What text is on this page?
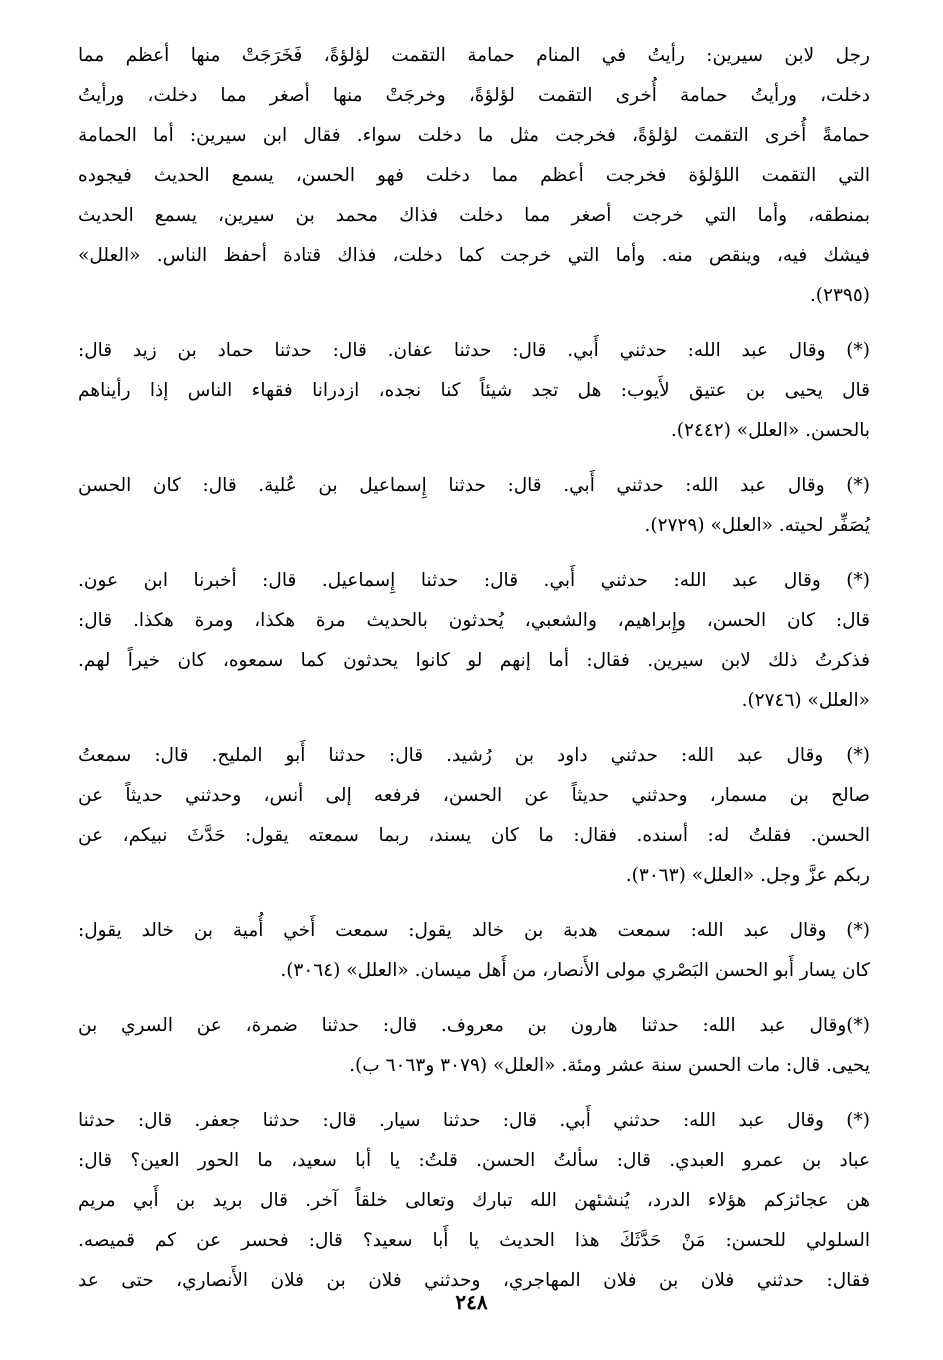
رجل لابن سيرين: رأيتُ في المنام حمامة التقمت لؤلؤةً، فَخَرَجَتْ منها أعظم مما
دخلت، ورأيتُ حمامة أُخرى التقمت لؤلؤةً، وخرجَتْ منها أصغر مما دخلت، ورأيتُ
حمامةً أُخرى التقمت لؤلؤةً، فخرجت مثل ما دخلت سواء. فقال ابن سيرين: أما الحمامة
التي التقمت اللؤلؤة فخرجت أعظم مما دخلت فهو الحسن، يسمع الحديث فيجوده
بمنطقه، وأما التي خرجت أصغر مما دخلت فذاك محمد بن سيرين، يسمع الحديث
فيشك فيه، وينقص منه. وأما التي خرجت كما دخلت، فذاك قتادة أحفظ الناس. «العلل»
(٢٣٩٥).
(*) وقال عبد الله: حدثني أَبي. قال: حدثنا عفان. قال: حدثنا حماد بن زيد قال:
قال يحيى بن عتيق لأَيوب: هل تجد شيئاً كنا نجده، ازدرانا فقهاء الناس إذا رأيناهم
بالحسن. «العلل» (٢٤٤٢).
(*) وقال عبد الله: حدثني أَبي. قال: حدثنا إِسماعيل بن عُلية. قال: كان الحسن
يُصَفِّر لحيته. «العلل» (٢٧٢٩).
(*) وقال عبد الله: حدثني أَبي. قال: حدثنا إِسماعيل. قال: أخبرنا ابن عون.
قال: كان الحسن، وإِبراهيم، والشعبي، يُحدثون بالحديث مرة هكذا، ومرة هكذا. قال:
فذكرتُ ذلك لابن سيرين. فقال: أما إنهم لو كانوا يحدثون كما سمعوه، كان خيراً لهم.
«العلل» (٢٧٤٦).
(*) وقال عبد الله: حدثني داود بن رُشيد. قال: حدثنا أَبو المليح. قال: سمعتُ
صالح بن مسمار، وحدثني حديثاً عن الحسن، فرفعه إلى أنس، وحدثني حديثاً عن
الحسن. فقلتُ له: أسنده. فقال: ما كان يسند، ربما سمعته يقول: حَدَّثَ نبيكم، عن
ربكم عزَّ وجل. «العلل» (٣٠٦٣).
(*) وقال عبد الله: سمعت هدبة بن خالد يقول: سمعت أَخي أُمية بن خالد يقول:
كان يسار أَبو الحسن البَصْري مولى الأَنصار، من أَهل ميسان. «العلل» (٣٠٦٤).
(*)وقال عبد الله: حدثنا هارون بن معروف. قال: حدثنا ضمرة، عن السري بن
يحيى. قال: مات الحسن سنة عشر ومئة. «العلل» (٣٠٧٩ و٦٠٦٣ ب).
(*) وقال عبد الله: حدثني أَبي. قال: حدثنا سيار. قال: حدثنا جعفر. قال: حدثنا
عباد بن عمرو العبدي. قال: سألتُ الحسن. قلتُ: يا أبا سعيد، ما الحور العين؟ قال:
هن عجائزكم هؤلاء الدرد، يُنشئهن الله تبارك وتعالى خلقاً آخر. قال بريد بن أَبي مريم
السلولي للحسن: مَنْ حَدَّثَكَ هذا الحديث يا أَبا سعيد؟ قال: فحسر عن كم قميصه.
فقال: حدثني فلان بن فلان المهاجري، وحدثني فلان بن فلان الأَنصاري، حتى عد
٢٤٨
